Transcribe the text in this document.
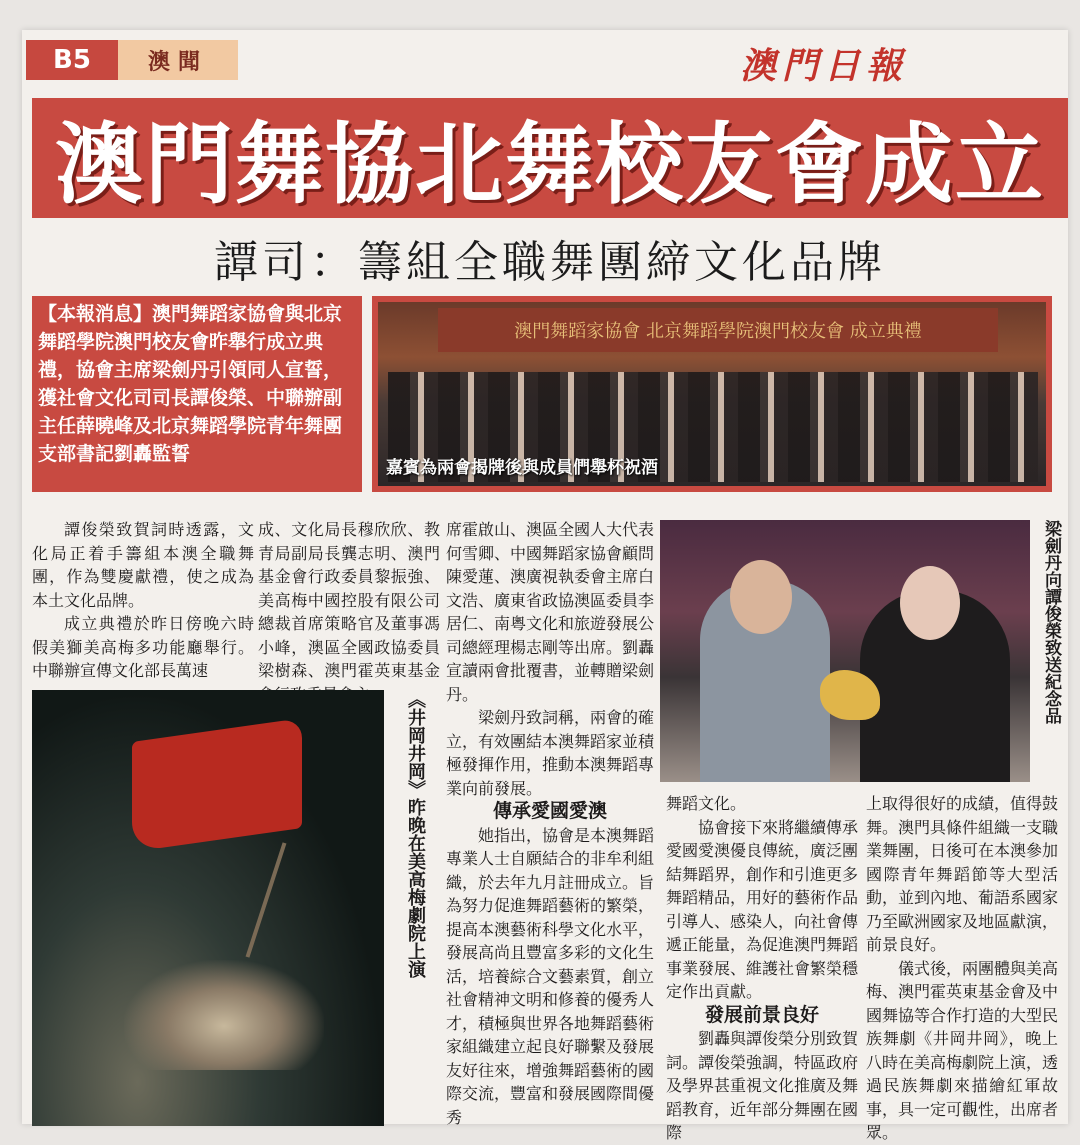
B5	澳聞	澳門日報
澳門舞協北舞校友會成立
譚司：籌組全職舞團締文化品牌
【本報消息】澳門舞蹈家協會與北京舞蹈學院澳門校友會昨舉行成立典禮，協會主席梁劍丹引領同人宣誓，獲社會文化司司長譚俊榮、中聯辦副主任薛曉峰及北京舞蹈學院青年舞團支部書記劉轟監誓
澳門舞蹈家協會 北京舞蹈學院澳門校友會 成立典禮
嘉賓為兩會揭牌後與成員們舉杯祝酒

譚俊榮致賀詞時透露，文化局正着手籌組本澳全職舞團，作為雙慶獻禮，使之成為本土文化品牌。

成立典禮於昨日傍晚六時假美獅美高梅多功能廳舉行。中聯辦宣傳文化部長萬速

成、文化局長穆欣欣、教青局副局長龔志明、澳門基金會行政委員黎振強、美高梅中國控股有限公司總裁首席策略官及董事馮小峰，澳區全國政協委員梁樹森、澳門霍英東基金

席霍啟山、澳區全國人大代表何雪卿、中國舞蹈家協會顧問陳愛蓮、澳廣視執委會主席白文浩、廣東省政協澳區委員李居仁、南粵文化和旅遊發展公司總經理楊志剛等出席。劉轟宣讀兩會批覆書，並轉贈梁劍丹。

梁劍丹致詞稱，兩會的確立，有效團結本澳舞蹈家並積極發揮作用，推動本澳舞蹈專業向前發展。

傳承愛國愛澳

她指出，協會是本澳舞蹈專業人士自願結合的非牟利組織，於去年九月註冊成立。旨為努力促進舞蹈藝術的繁榮，提高本澳藝術科學文化水平，發展高尚且豐富多彩的文化生活，培養綜合文藝素質，創立社會精神文明和修養的優秀人才，積極與世界各地舞蹈藝術家組織建立起良好聯繫及發展友好往來，增強舞蹈藝術的國際交流，豐富和發展國際間優秀

《井岡井岡》昨晚在美高梅劇院上演
梁劍丹向譚俊榮致送紀念品

舞蹈文化。

協會接下來將繼續傳承愛國愛澳優良傳統，廣泛團結舞蹈界，創作和引進更多舞蹈精品，用好的藝術作品引導人、感染人，向社會傳遞正能量，為促進澳門舞蹈事業發展、維護社會繁榮穩定作出貢獻。

發展前景良好

劉轟與譚俊榮分別致賀詞。譚俊榮強調，特區政府及學界甚重視文化推廣及舞蹈教育，近年部分舞團在國際

上取得很好的成績，值得鼓舞。澳門具條件組織一支職業舞團，日後可在本澳參加國際青年舞蹈節等大型活動，並到內地、葡語系國家乃至歐洲國家及地區獻演，前景良好。

儀式後，兩團體與美高梅、澳門霍英東基金會及中國舞協等合作打造的大型民族舞劇《井岡井岡》，晚上八時在美高梅劇院上演，透過民族舞劇來描繪紅軍故事，具一定可觀性，出席者眾。
